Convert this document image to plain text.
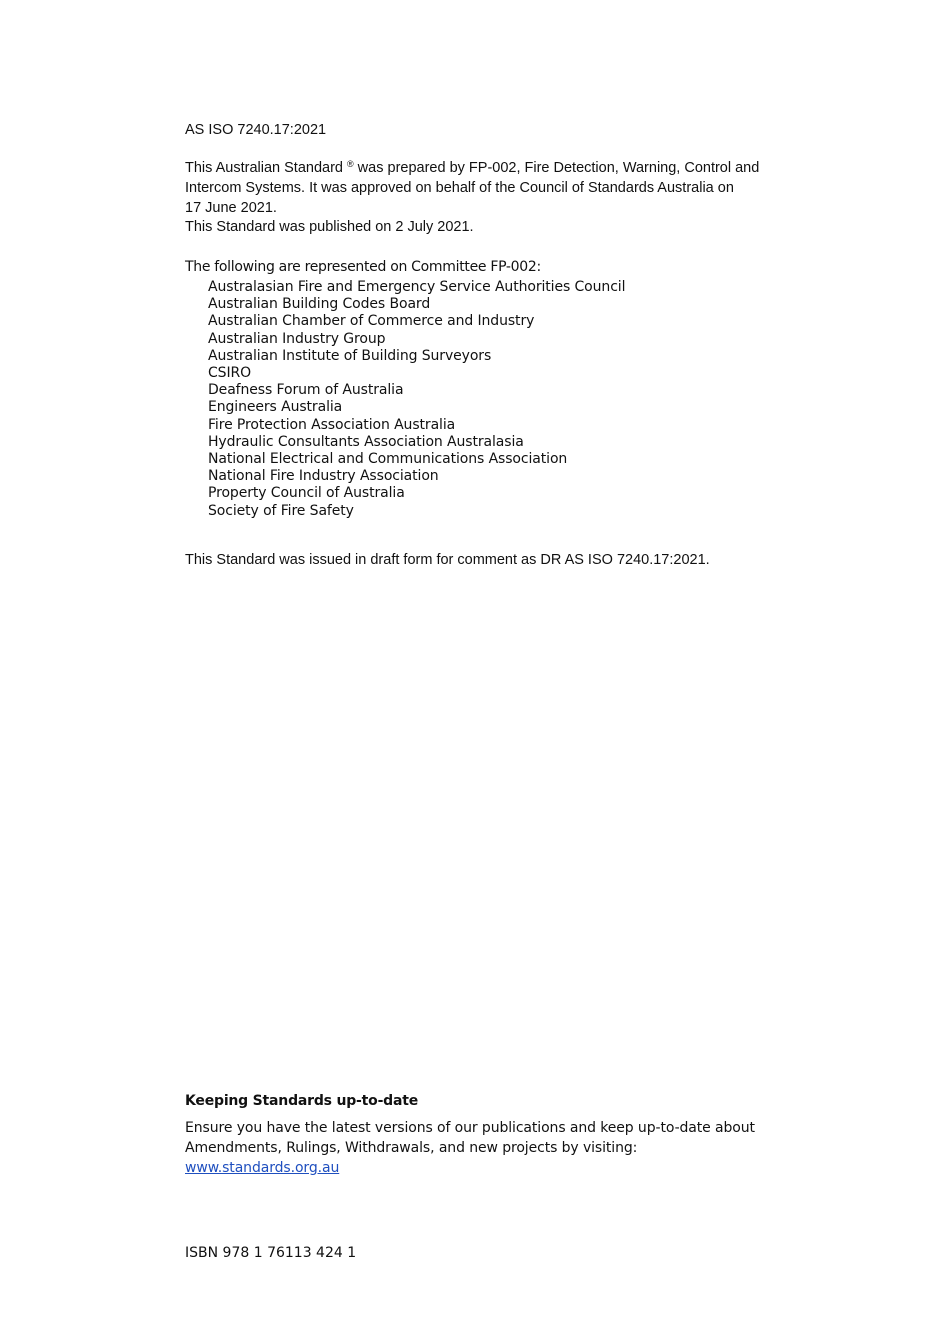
AS ISO 7240.17:2021

This Australian Standard ® was prepared by FP-002, Fire Detection, Warning, Control and

Intercom Systems. It was approved on behalf of the Council of Standards Australia on

17 June 2021.

This Standard was published on 2 July 2021.
The following are represented on Committee FP-002:
Australasian Fire and Emergency Service Authorities Council
Australian Building Codes Board
Australian Chamber of Commerce and Industry
Australian Industry Group
Australian Institute of Building Surveyors
CSIRO
Deafness Forum of Australia
Engineers Australia
Fire Protection Association Australia
Hydraulic Consultants Association Australasia
National Electrical and Communications Association
National Fire Industry Association
Property Council of Australia
Society of Fire Safety
This Standard was issued in draft form for comment as DR AS ISO 7240.17:2021.
Keeping Standards up-to-date
Ensure you have the latest versions of our publications and keep up-to-date about
Amendments, Rulings, Withdrawals, and new projects by visiting:
www.standards.org.au
ISBN 978 1 76113 424 1
